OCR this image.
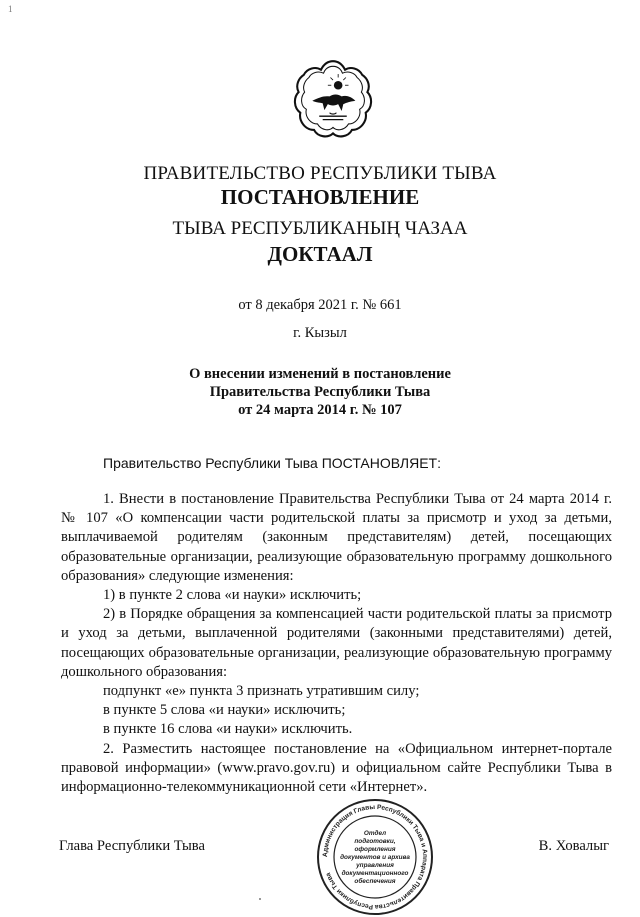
1
ПРАВИТЕЛЬСТВО РЕСПУБЛИКИ ТЫВА
ПОСТАНОВЛЕНИЕ
ТЫВА РЕСПУБЛИКАНЫҢ ЧАЗАА
ДОКТААЛ
от 8 декабря 2021 г. № 661
г. Кызыл
О внесении изменений в постановление
Правительства Республики Тыва
от 24 марта 2014 г. № 107
Правительство Республики Тыва ПОСТАНОВЛЯЕТ:

1. Внести в постановление Правительства Республики Тыва от 24 марта 2014 г. № 107 «О компенсации части родительской платы за присмотр и уход за детьми, выплачиваемой родителям (законным представителям) детей, посещающих образовательные организации, реализующие образовательную программу дошкольного образования» следующие изменения:

1) в пункте 2 слова «и науки» исключить;

2) в Порядке обращения за компенсацией части родительской платы за присмотр и уход за детьми, выплаченной родителями (законными представителями) детей, посещающих образовательные организации, реализующие образовательную программу дошкольного образования:

подпункт «е» пункта 3 признать утратившим силу;

в пункте 5 слова «и науки» исключить;

в пункте 16 слова «и науки» исключить.

2. Разместить настоящее постановление на «Официальном интернет-портале правовой информации» (www.pravo.gov.ru) и официальном сайте Республики Тыва в информационно-телекоммуникационной сети «Интернет».

Глава Республики Тыва	В. Ховалыг
Администрация Главы Республики Тыва и Аппарата Правительства Республики Тыва
Отдел
подготовки,
оформления
документов и архива
управления
документационного
обеспечения
